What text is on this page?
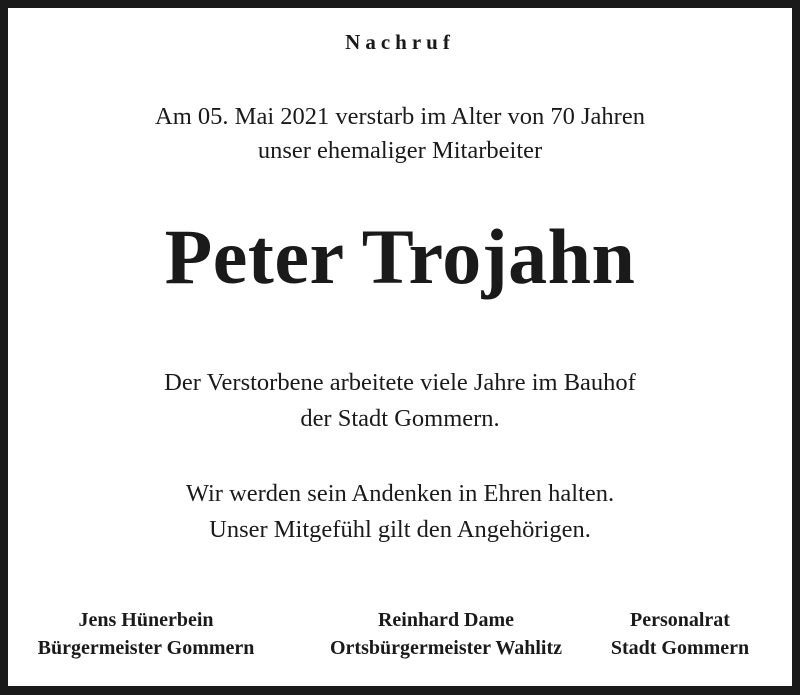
Nachruf
Am 05. Mai 2021 verstarb im Alter von 70 Jahren
unser ehemaliger Mitarbeiter
Peter Trojahn
Der Verstorbene arbeitete viele Jahre im Bauhof
der Stadt Gommern.
Wir werden sein Andenken in Ehren halten.
Unser Mitgefühl gilt den Angehörigen.
Jens Hünerbein
Bürgermeister Gommern
Reinhard Dame
Ortsbürgermeister Wahlitz
Personalrat
Stadt Gommern
